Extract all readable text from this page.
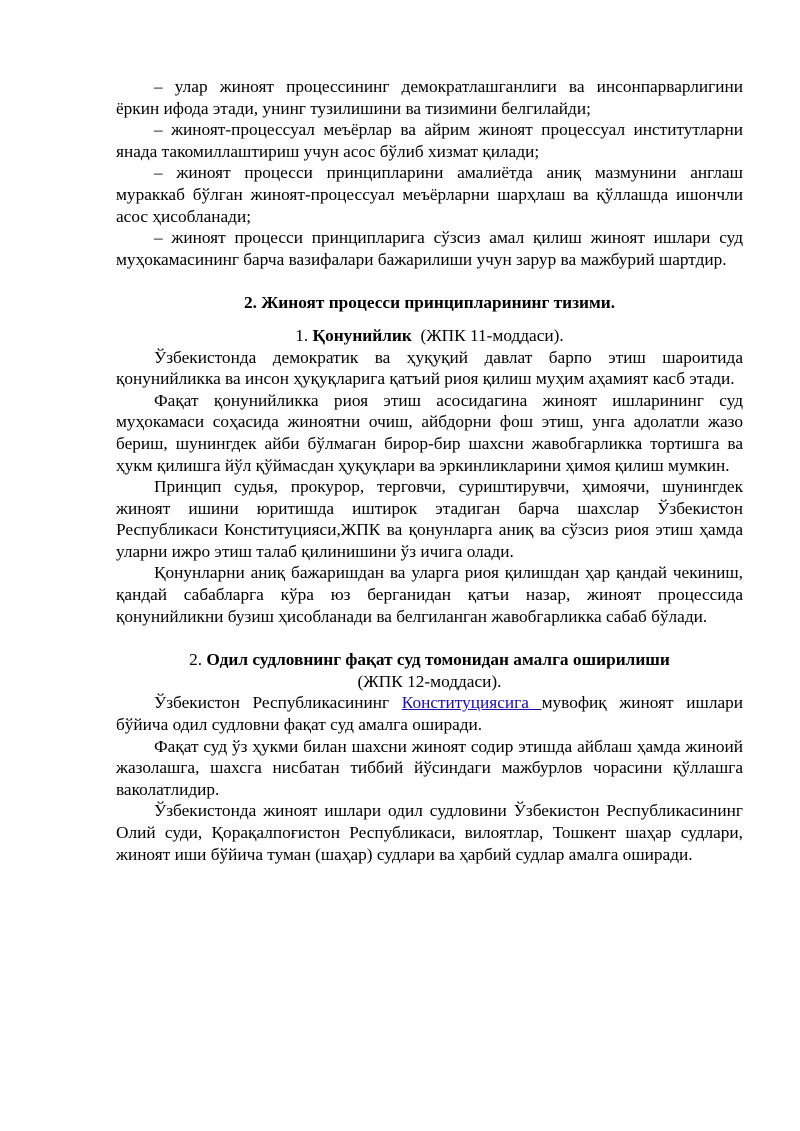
– улар жиноят процессининг демократлашганлиги ва инсонпарварлигини ёркин ифода этади, унинг тузилишини ва тизимини белгилайди;

– жиноят-процессуал меъёрлар ва айрим жиноят процессуал институтларни янада такомиллаштириш учун асос бўлиб хизмат қилади;

– жиноят процесси принципларини амалиётда аниқ мазмунини англаш мураккаб бўлган жиноят-процессуал меъёрларни шарҳлаш ва қўллашда ишончли асос ҳисобланади;

– жиноят процесси принципларига сўзсиз амал қилиш жиноят ишлари суд муҳокамасининг барча вазифалари бажарилиши учун зарур ва мажбурий шартдир.

2. Жиноят процесси принципларининг тизими.

1. Қонунийлик  (ЖПК 11-моддаси).

Ўзбекистонда демократик ва ҳуқуқий давлат барпо этиш шароитида қонунийликка ва инсон ҳуқуқларига қатъий риоя қилиш муҳим аҳамият касб этади.

Фақат қонунийликка риоя этиш асосидагина жиноят ишларининг суд муҳокамаси соҳасида жиноятни очиш, айбдорни фош этиш, унга адолатли жазо бериш, шунингдек айби бўлмаган бирор-бир шахсни жавобгарликка тортишга ва ҳукм қилишга йўл қўймасдан ҳуқуқлари ва эркинликларини ҳимоя қилиш мумкин.

Принцип судья, прокурор, терговчи, суриштирувчи, ҳимоячи, шунингдек жиноят ишини юритишда иштирок этадиган барча шахслар Ўзбекистон Республикаси Конституцияси,ЖПК ва қонунларга аниқ ва сўзсиз риоя этиш ҳамда уларни ижро этиш талаб қилинишини ўз ичига олади.

Қонунларни аниқ бажаришдан ва уларга риоя қилишдан ҳар қандай чекиниш, қандай сабабларга кўра юз берганидан қатъи назар, жиноят процессида қонунийликни бузиш ҳисобланади ва белгиланган жавобгарликка сабаб бўлади.

2. Одил судловнинг фақат суд томонидан амалга оширилиши

(ЖПК 12-моддаси).

Ўзбекистон Республикасининг Конституциясига мувофиқ жиноят ишлари бўйича одил судловни фақат суд амалга оширади.

Фақат суд ўз ҳукми билан шахсни жиноят содир этишда айблаш ҳамда жиноий жазолашга, шахсга нисбатан тиббий йўсиндаги мажбурлов чорасини қўллашга ваколатлидир.

Ўзбекистонда жиноят ишлари одил судловини Ўзбекистон Республикасининг Олий суди, Қорақалпоғистон Республикаси, вилоятлар, Тошкент шаҳар судлари, жиноят иши бўйича туман (шаҳар) судлари ва ҳарбий судлар амалга оширади.
